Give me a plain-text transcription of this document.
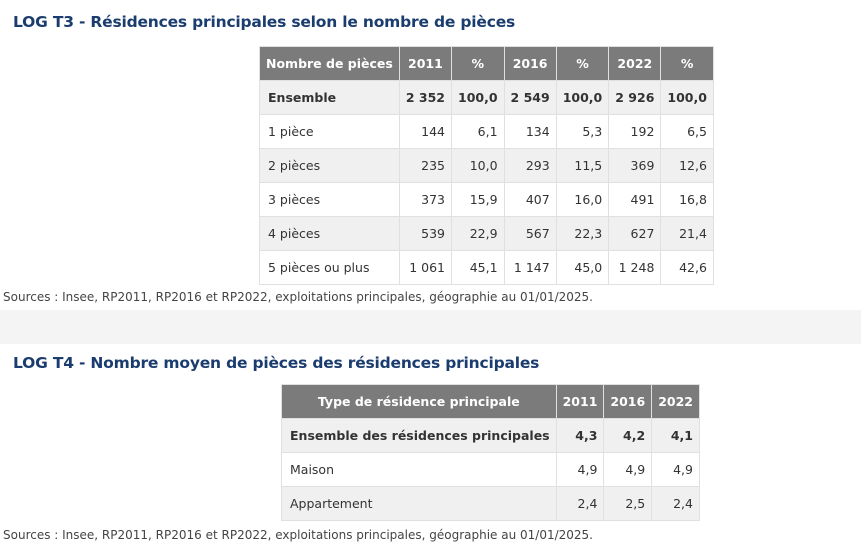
LOG T3 - Résidences principales selon le nombre de pièces
Nombre de pièces	2011	%	2016	%	2022	%
Ensemble	2 352	100,0	2 549	100,0	2 926	100,0
1 pièce	144	6,1	134	5,3	192	6,5
2 pièces	235	10,0	293	11,5	369	12,6
3 pièces	373	15,9	407	16,0	491	16,8
4 pièces	539	22,9	567	22,3	627	21,4
5 pièces ou plus	1 061	45,1	1 147	45,0	1 248	42,6
Sources : Insee, RP2011, RP2016 et RP2022, exploitations principales, géographie au 01/01/2025.
LOG T4 - Nombre moyen de pièces des résidences principales
Type de résidence principale	2011	2016	2022
Ensemble des résidences principales	4,3	4,2	4,1
Maison	4,9	4,9	4,9
Appartement	2,4	2,5	2,4
Sources : Insee, RP2011, RP2016 et RP2022, exploitations principales, géographie au 01/01/2025.
